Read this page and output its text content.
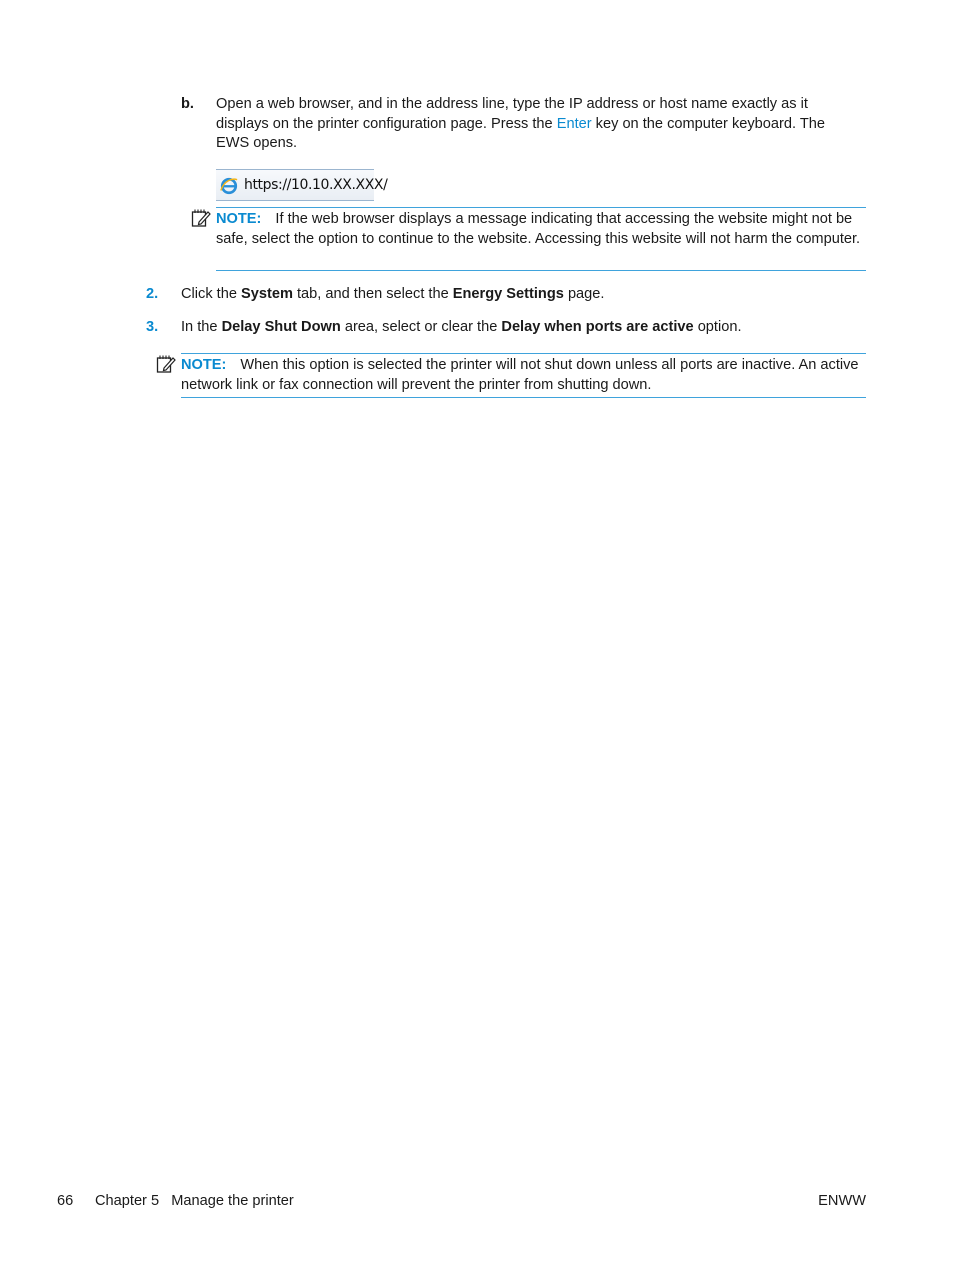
b. Open a web browser, and in the address line, type the IP address or host name exactly as it displays on the printer configuration page. Press the Enter key on the computer keyboard. The EWS opens.
https://10.10.XX.XXX/
NOTE: If the web browser displays a message indicating that accessing the website might not be safe, select the option to continue to the website. Accessing this website will not harm the computer.
2. Click the System tab, and then select the Energy Settings page.
3. In the Delay Shut Down area, select or clear the Delay when ports are active option.
NOTE: When this option is selected the printer will not shut down unless all ports are inactive. An active network link or fax connection will prevent the printer from shutting down.
66 Chapter 5   Manage the printer	ENWW
